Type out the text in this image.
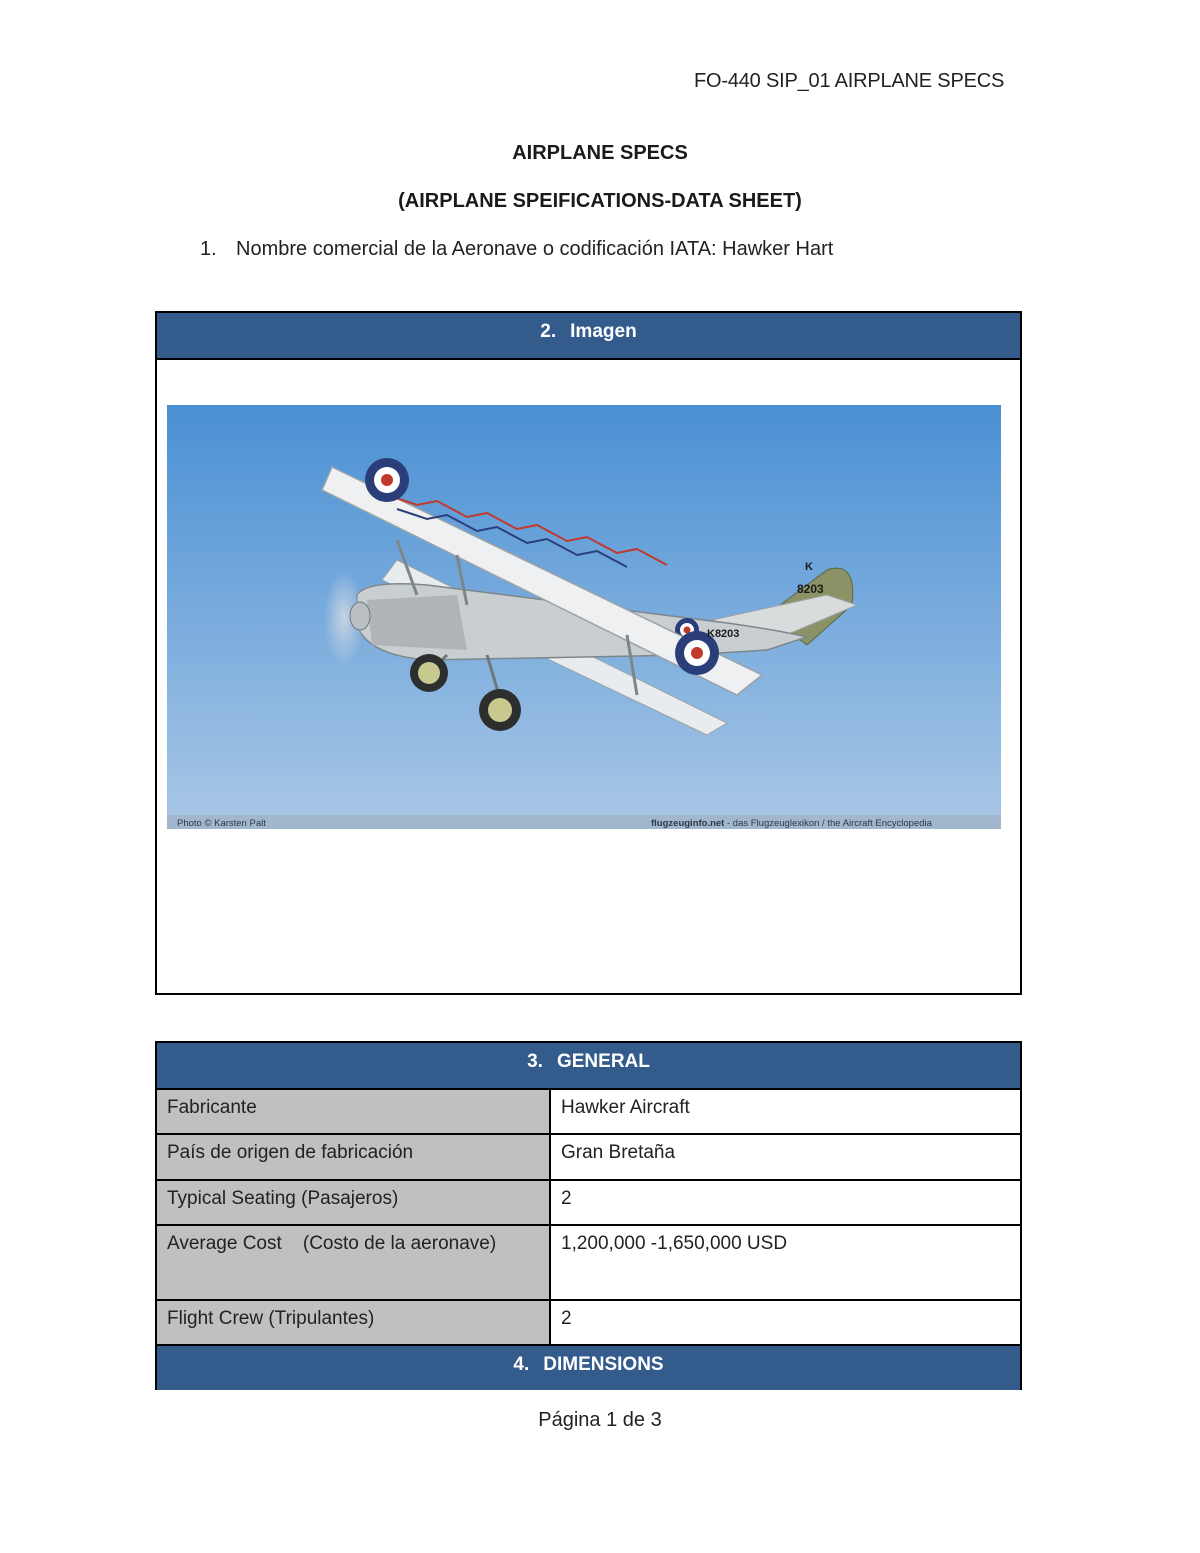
FO-440 SIP_01 AIRPLANE SPECS
AIRPLANE SPECS
(AIRPLANE SPEIFICATIONS-DATA SHEET)
1. Nombre comercial de la Aeronave o codificación IATA: Hawker Hart
2. Imagen
K
8203
K8203
Photo © Karsten Palt	flugzeuginfo.net - das Flugzeuglexikon / the Aircraft Encyclopedia
3. GENERAL
Fabricante	Hawker Aircraft
País de origen de fabricación	Gran Bretaña
Typical Seating (Pasajeros)	2
Average Cost    (Costo de la aeronave)	1,200,000 -1,650,000 USD
Flight Crew (Tripulantes)	2
4. DIMENSIONS
Página 1 de 3
